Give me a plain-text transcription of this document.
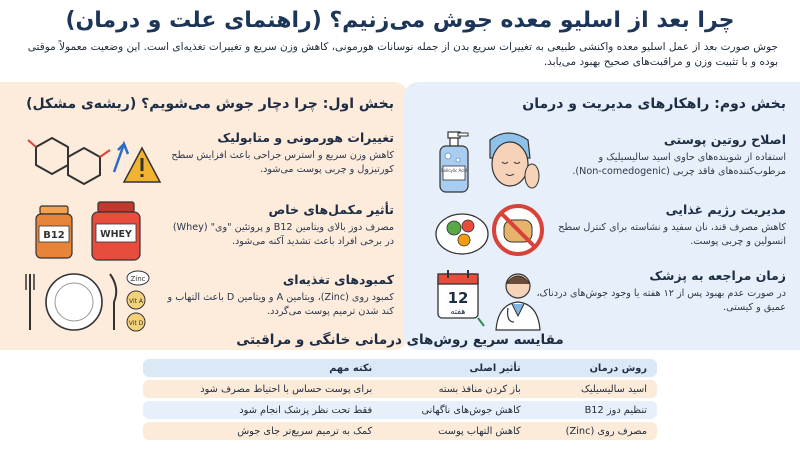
چرا بعد از اسلیو معده جوش می‌زنیم؟ (راهنمای علت و درمان)
جوش صورت بعد از عمل اسلیو معده واکنشی طبیعی به تغییرات سریع بدن از جمله نوسانات هورمونی، کاهش وزن سریع و تغییرات تغذیه‌ای است. این وضعیت معمولاً موقتی بوده و با تثبیت وزن و مراقبت‌های صحیح بهبود می‌یابد.
بخش اول: چرا دچار جوش می‌شویم؟ (ریشه‌ی مشکل)
تغییرات هورمونی و متابولیک

کاهش وزن سریع و استرس جراحی باعث افزایش سطح کورتیزول و چربی پوست می‌شود.

تأثیر مکمل‌های خاص

مصرف دوز بالای ویتامین B12 و پروتئین "وی" (Whey) در برخی افراد باعث تشدید آکنه می‌شود.

کمبودهای تغذیه‌ای

کمبود روی (Zinc)، ویتامین A و ویتامین D باعث التهاب و کند شدن ترمیم پوست می‌گردد.

B12	WHEY
Zinc
Vit A
Vit D
بخش دوم: راهکارهای مدیریت و درمان
اصلاح روتین پوستی

استفاده از شوینده‌های حاوی اسید سالیسیلیک و مرطوب‌کننده‌های فاقد چربی (Non-comedogenic).

مدیریت رژیم غذایی

کاهش مصرف قند، نان سفید و نشاسته برای کنترل سطح انسولین و چربی پوست.

زمان مراجعه به پزشک

در صورت عدم بهبود پس از ۱۲ هفته یا وجود جوش‌های دردناک، عمیق و کیستی.

Salicylic Acid
12
هفته
مقایسه سریع روش‌های درمانی خانگی و مراقبتی
روش درمان	تأثیر اصلی	نکته مهم
اسید سالیسیلیک	باز کردن منافذ بسته	برای پوست حساس با احتیاط مصرف شود
تنظیم دوز B12	کاهش جوش‌های ناگهانی	فقط تحت نظر پزشک انجام شود
مصرف روی (Zinc)	کاهش التهاب پوست	کمک به ترمیم سریع‌تر جای جوش
